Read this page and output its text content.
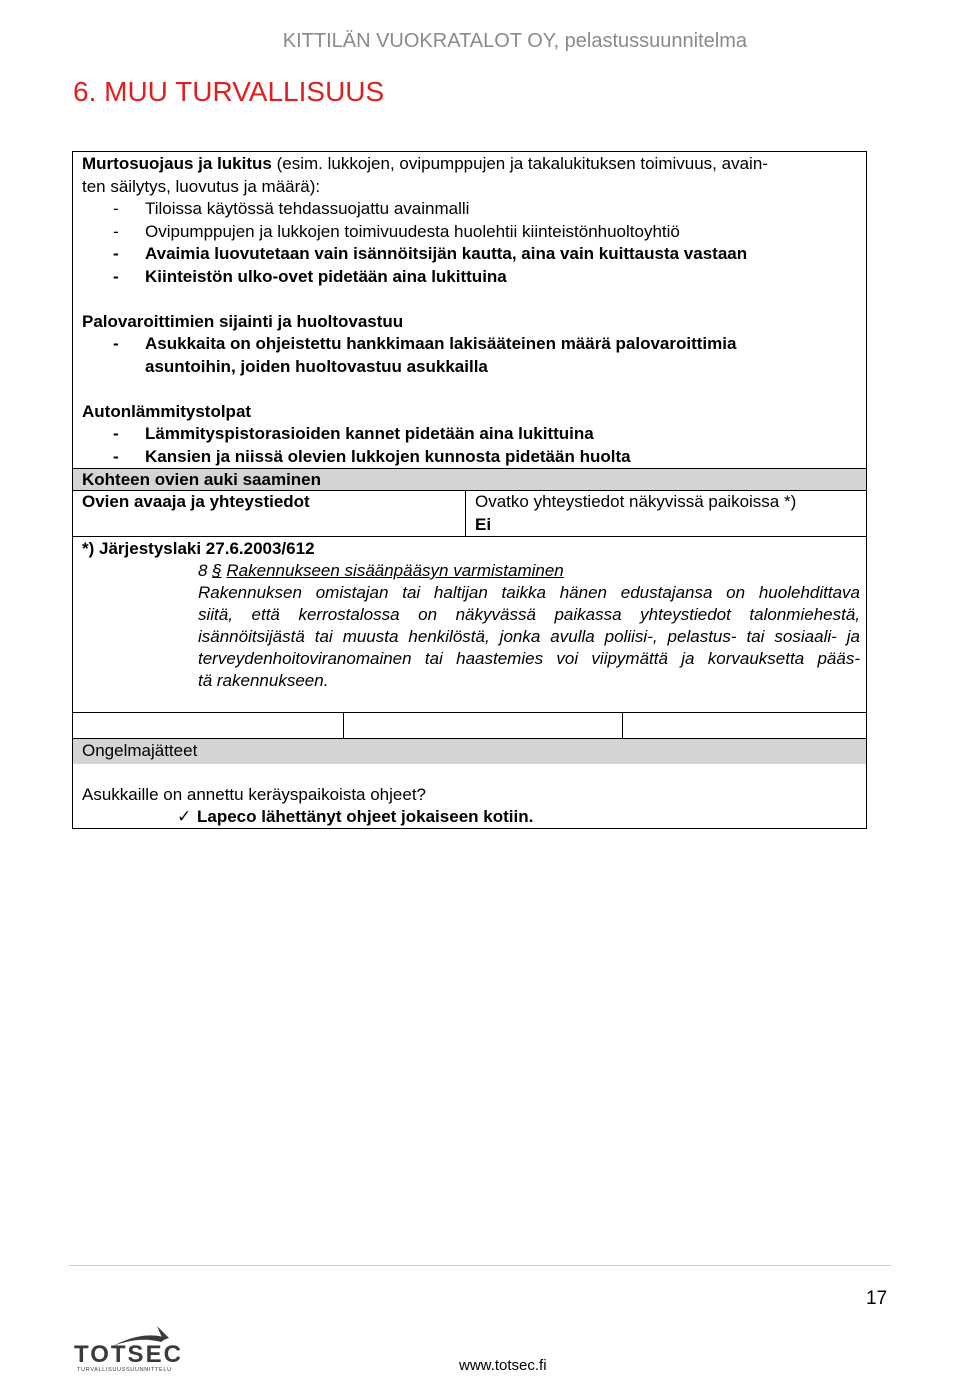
KITTILÄN VUOKRATALOT OY, pelastussuunnitelma
6. MUU TURVALLISUUS
Murtosuojaus ja lukitus (esim. lukkojen, ovipumppujen ja takalukituksen toimivuus, avain-
ten säilytys, luovutus ja määrä):
- Tiloissa käytössä tehdassuojattu avainmalli
- Ovipumppujen ja lukkojen toimivuudesta huolehtii kiinteistönhuoltoyhtiö
- Avaimia luovutetaan vain isännöitsijän kautta, aina vain kuittausta vastaan
- Kiinteistön ulko-ovet pidetään aina lukittuina
Palovaroittimien sijainti ja huoltovastuu
- Asukkaita on ohjeistettu hankkimaan lakisääteinen määrä palovaroittimia
asuntoihin, joiden huoltovastuu asukkailla
Autonlämmitystolpat
- Lämmityspistorasioiden kannet pidetään aina lukittuina
- Kansien ja niissä olevien lukkojen kunnosta pidetään huolta
Kohteen ovien auki saaminen
Ovien avaaja ja yhteystiedot	Ovatko yhteystiedot näkyvissä paikoissa *)
Ei
*) Järjestyslaki 27.6.2003/612
8 § Rakennukseen sisäänpääsyn varmistaminen
Rakennuksen omistajan tai haltijan taikka hänen edustajansa on huolehdittava
siitä, että kerrostalossa on näkyvässä paikassa yhteystiedot talonmiehestä,
isännöitsijästä tai muusta henkilöstä, jonka avulla poliisi-, pelastus- tai sosiaali- ja
terveydenhoitoviranomainen tai haastemies voi viipymättä ja korvauksetta pääs-
tä rakennukseen.
Ongelmajätteet
Asukkaille on annettu keräyspaikoista ohjeet?
✓ Lapeco lähettänyt ohjeet jokaiseen kotiin.
17
TOTSEC
TURVALLISUUSSUUNNITTELU	www.totsec.fi
